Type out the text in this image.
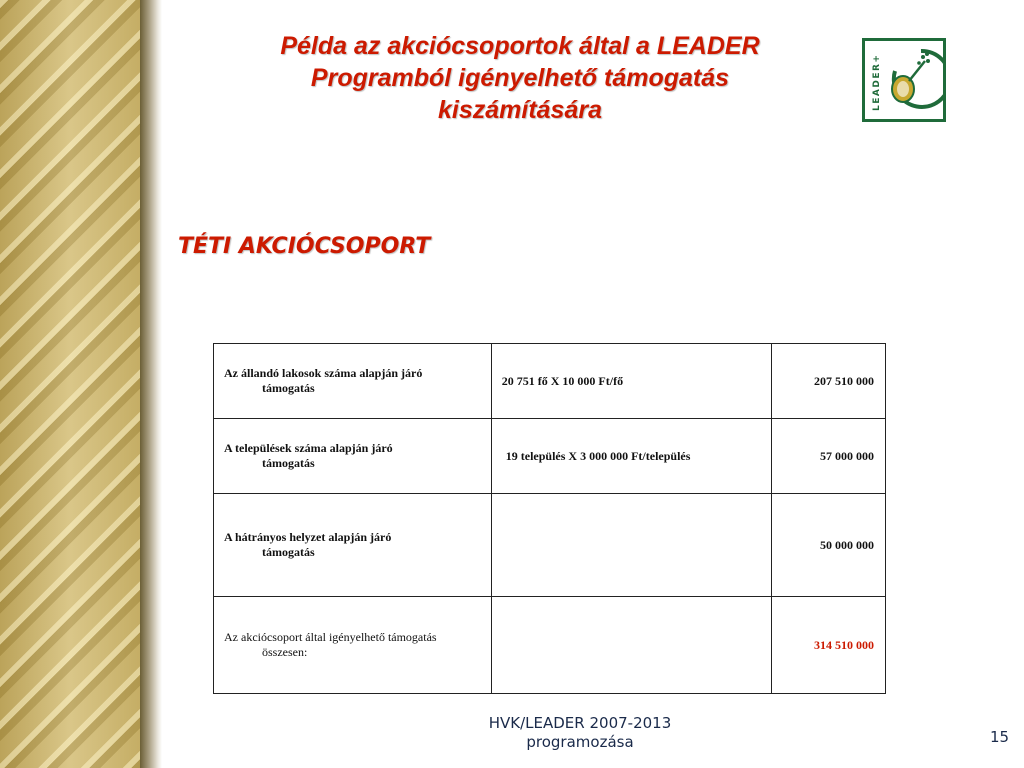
Példa az akciócsoportok által a LEADER
Programból igényelhető támogatás
kiszámítására	LEADER+
TÉTI AKCIÓCSOPORT
Az állandó lakosok száma alapján járó
támogatás	20 751 fő X 10 000 Ft/fő	207 510 000

A települések száma alapján járó
támogatás	19 település X 3 000 000 Ft/település	57 000 000

A hátrányos helyzet alapján járó
támogatás		50 000 000

Az akciócsoport által igényelhető támogatás
összesen:		314 510 000
HVK/LEADER 2007-2013
programozása	15
